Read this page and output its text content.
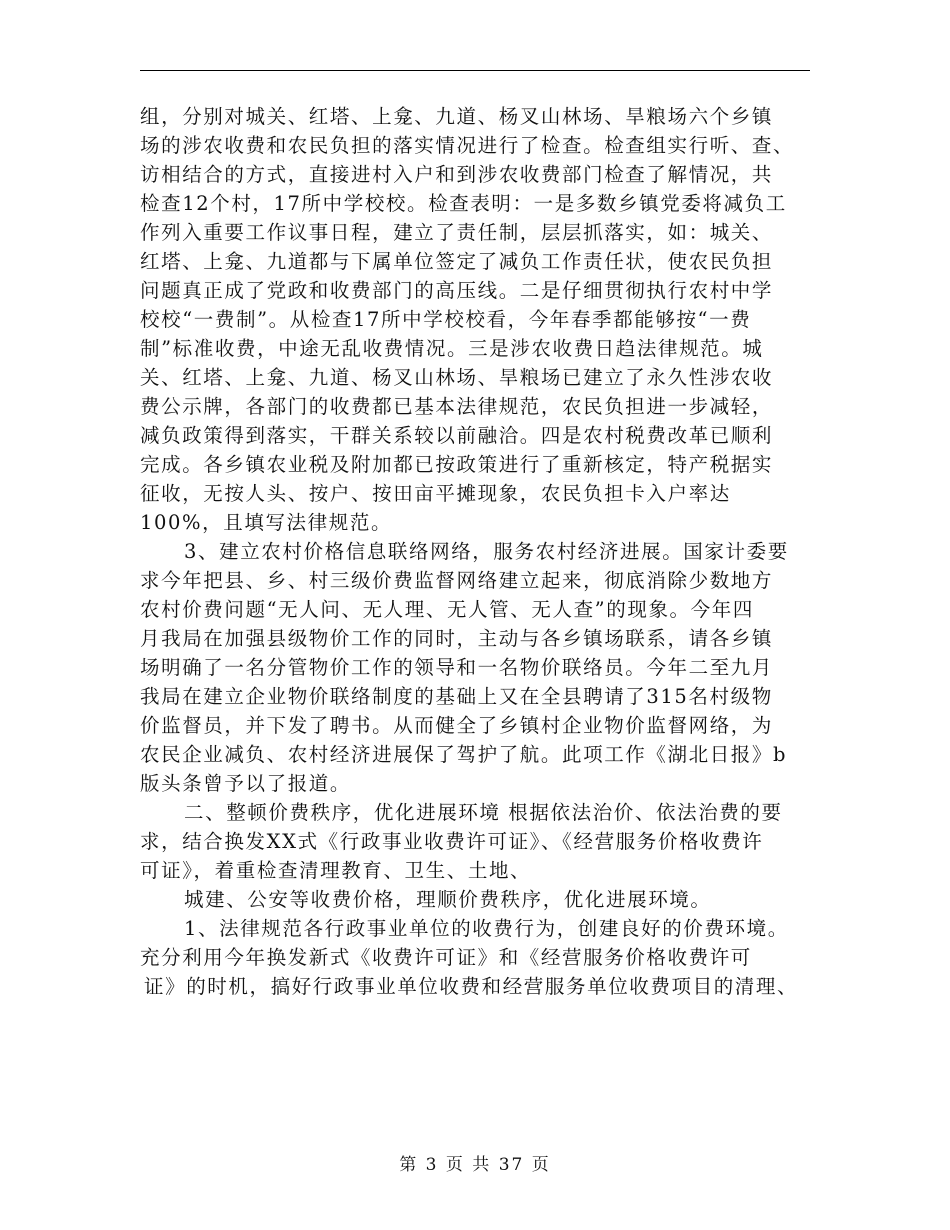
组，分别对城关、红塔、上龛、九道、杨叉山林场、旱粮场六个乡镇
场的涉农收费和农民负担的落实情况进行了检查。检查组实行听、查、
访相结合的方式，直接进村入户和到涉农收费部门检查了解情况，共
检查12个村，17所中学校校。检查表明：一是多数乡镇党委将减负工
作列入重要工作议事日程，建立了责任制，层层抓落实，如：城关、
红塔、上龛、九道都与下属单位签定了减负工作责任状，使农民负担
问题真正成了党政和收费部门的高压线。二是仔细贯彻执行农村中学
校校“一费制”。从检查17所中学校校看，今年春季都能够按“一费
制”标准收费，中途无乱收费情况。三是涉农收费日趋法律规范。城
关、红塔、上龛、九道、杨叉山林场、旱粮场已建立了永久性涉农收
费公示牌，各部门的收费都已基本法律规范，农民负担进一步减轻，
减负政策得到落实，干群关系较以前融洽。四是农村税费改革已顺利
完成。各乡镇农业税及附加都已按政策进行了重新核定，特产税据实
征收，无按人头、按户、按田亩平摊现象，农民负担卡入户率达
100%，且填写法律规范。
3、建立农村价格信息联络网络，服务农村经济进展。国家计委要
求今年把县、乡、村三级价费监督网络建立起来，彻底消除少数地方
农村价费问题“无人问、无人理、无人管、无人查”的现象。今年四
月我局在加强县级物价工作的同时，主动与各乡镇场联系，请各乡镇
场明确了一名分管物价工作的领导和一名物价联络员。今年二至九月
我局在建立企业物价联络制度的基础上又在全县聘请了315名村级物
价监督员，并下发了聘书。从而健全了乡镇村企业物价监督网络，为
农民企业减负、农村经济进展保了驾护了航。此项工作《湖北日报》b
版头条曾予以了报道。
二、整顿价费秩序，优化进展环境 根据依法治价、依法治费的要
求，结合换发XX式《行政事业收费许可证》、《经营服务价格收费许
可证》，着重检查清理教育、卫生、土地、
城建、公安等收费价格，理顺价费秩序，优化进展环境。
1、法律规范各行政事业单位的收费行为，创建良好的价费环境。
充分利用今年换发新式《收费许可证》和《经营服务价格收费许可
证》的时机，搞好行政事业单位收费和经营服务单位收费项目的清理、
第 3 页 共 37 页
